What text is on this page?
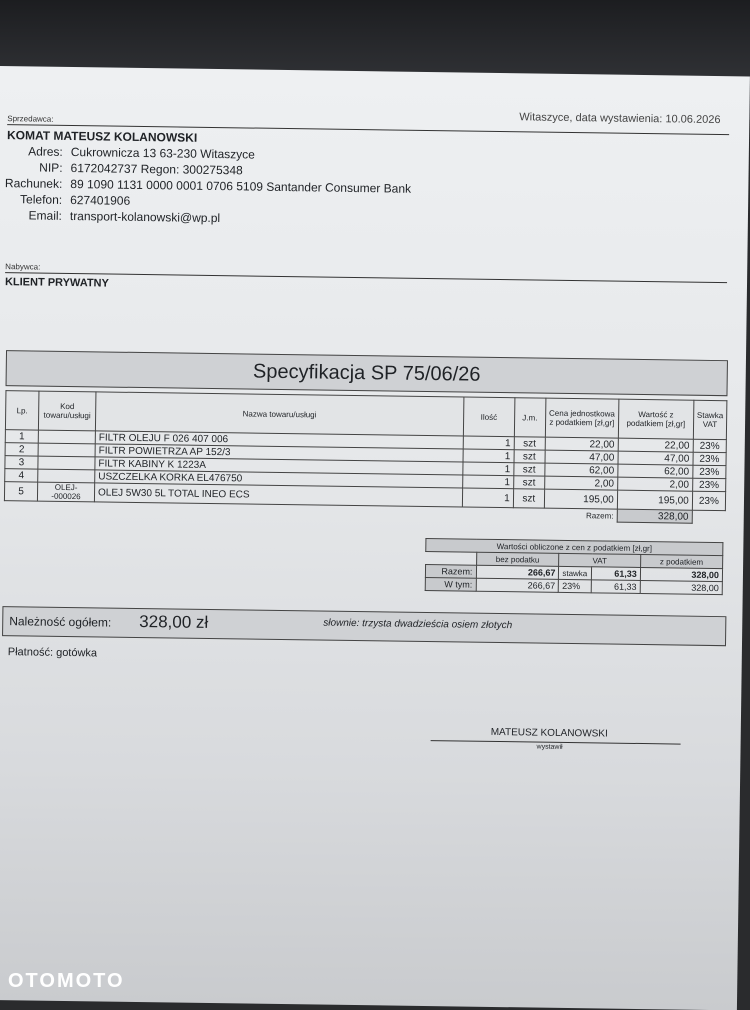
Sprzedawca:	Witaszyce, data wystawienia: 10.06.2026
KOMAT MATEUSZ KOLANOWSKI
Adres: Cukrownicza 13 63-230 Witaszyce
NIP: 6172042737 Regon: 300275348
Rachunek: 89 1090 1131 0000 0001 0706 5109 Santander Consumer Bank
Telefon: 627401906
Email: transport-kolanowski@wp.pl
Nabywca:
KLIENT PRYWATNY
Specyfikacja SP 75/06/26
Lp.	Kod towaru/usługi	Nazwa towaru/usługi	Ilość	J.m.	Cena jednostkowa z podatkiem [zł,gr]	Wartość z podatkiem [zł,gr]	Stawka VAT
1		FILTR OLEJU F 026 407 006	1	szt	22,00	22,00	23%
2		FILTR POWIETRZA AP 152/3	1	szt	47,00	47,00	23%
3		FILTR KABINY K 1223A	1	szt	62,00	62,00	23%
4		USZCZELKA KORKA EL476750	1	szt	2,00	2,00	23%
5	OLEJ--000026	OLEJ 5W30 5L TOTAL INEO ECS	1	szt	195,00	195,00	23%
Razem:						328,00	
Wartości obliczone z cen z podatkiem [zł,gr]				
	bez podatku	VAT		z podatkiem
Razem:	266,67	stawka	61,33	328,00
W tym:	266,67	23%	61,33	328,00
Należność ogółem: 328,00 zł	słownie: trzysta dwadzieścia osiem złotych
Płatność: gotówka
MATEUSZ KOLANOWSKI
wystawił
OTOMOTO
